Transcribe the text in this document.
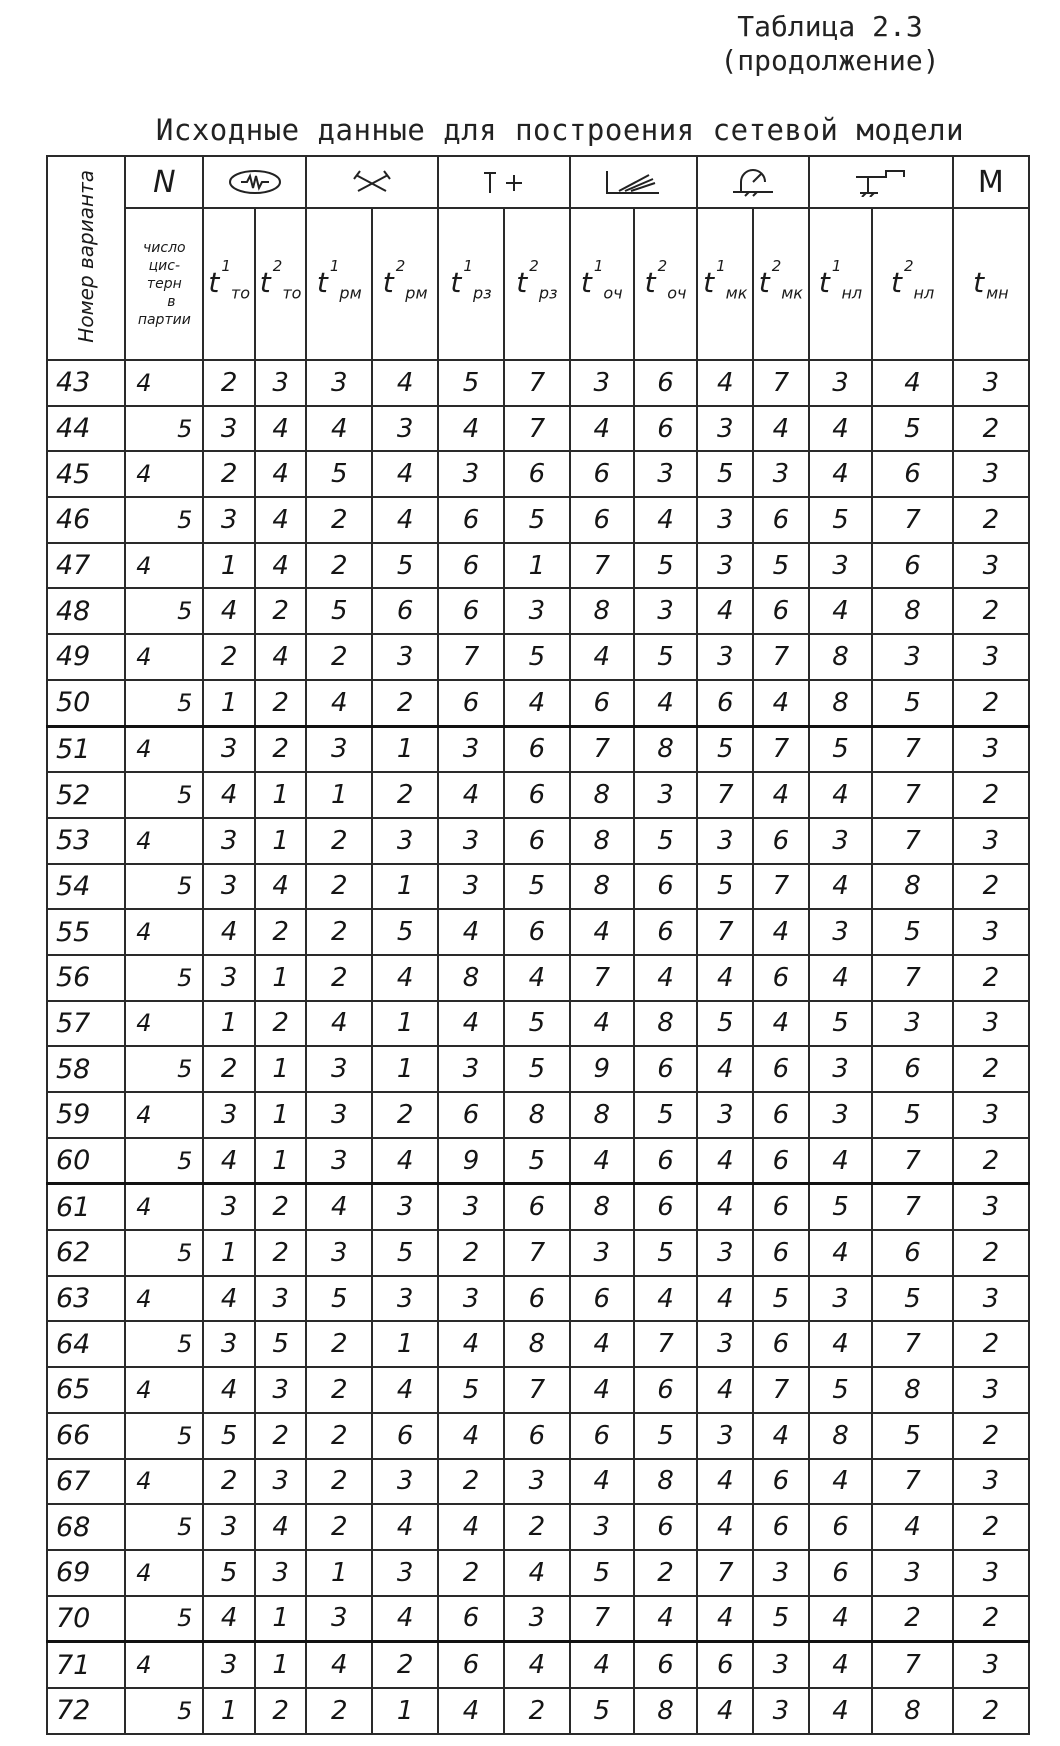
Таблица 2.3
(продолжение)
Исходные данные для построения сетевой модели
Номер варианта	N													M

	число
цис-
терн
в
партии	t $^1_{то}$	t $^2_{то}$	t $^1_{рм}$	t $^2_{рм}$	t $^1_{рз}$	t $^2_{рз}$	t $^1_{оч}$	t $^2_{оч}$	t $^1_{мк}$	t $^2_{мк}$	t $^1_{нл}$	t $^2_{нл}$	t $_{мн}$
43	4	2	3	3	4	5	7	3	6	4	7	3	4	3
44	5	3	4	4	3	4	7	4	6	3	4	4	5	2
45	4	2	4	5	4	3	6	6	3	5	3	4	6	3
46	5	3	4	2	4	6	5	6	4	3	6	5	7	2
47	4	1	4	2	5	6	1	7	5	3	5	3	6	3
48	5	4	2	5	6	6	3	8	3	4	6	4	8	2
49	4	2	4	2	3	7	5	4	5	3	7	8	3	3
50	5	1	2	4	2	6	4	6	4	6	4	8	5	2
51	4	3	2	3	1	3	6	7	8	5	7	5	7	3
52	5	4	1	1	2	4	6	8	3	7	4	4	7	2
53	4	3	1	2	3	3	6	8	5	3	6	3	7	3
54	5	3	4	2	1	3	5	8	6	5	7	4	8	2
55	4	4	2	2	5	4	6	4	6	7	4	3	5	3
56	5	3	1	2	4	8	4	7	4	4	6	4	7	2
57	4	1	2	4	1	4	5	4	8	5	4	5	3	3
58	5	2	1	3	1	3	5	9	6	4	6	3	6	2
59	4	3	1	3	2	6	8	8	5	3	6	3	5	3
60	5	4	1	3	4	9	5	4	6	4	6	4	7	2
61	4	3	2	4	3	3	6	8	6	4	6	5	7	3
62	5	1	2	3	5	2	7	3	5	3	6	4	6	2
63	4	4	3	5	3	3	6	6	4	4	5	3	5	3
64	5	3	5	2	1	4	8	4	7	3	6	4	7	2
65	4	4	3	2	4	5	7	4	6	4	7	5	8	3
66	5	5	2	2	6	4	6	6	5	3	4	8	5	2
67	4	2	3	2	3	2	3	4	8	4	6	4	7	3
68	5	3	4	2	4	4	2	3	6	4	6	6	4	2
69	4	5	3	1	3	2	4	5	2	7	3	6	3	3
70	5	4	1	3	4	6	3	7	4	4	5	4	2	2
71	4	3	1	4	2	6	4	4	6	6	3	4	7	3
72	5	1	2	2	1	4	2	5	8	4	3	4	8	2
